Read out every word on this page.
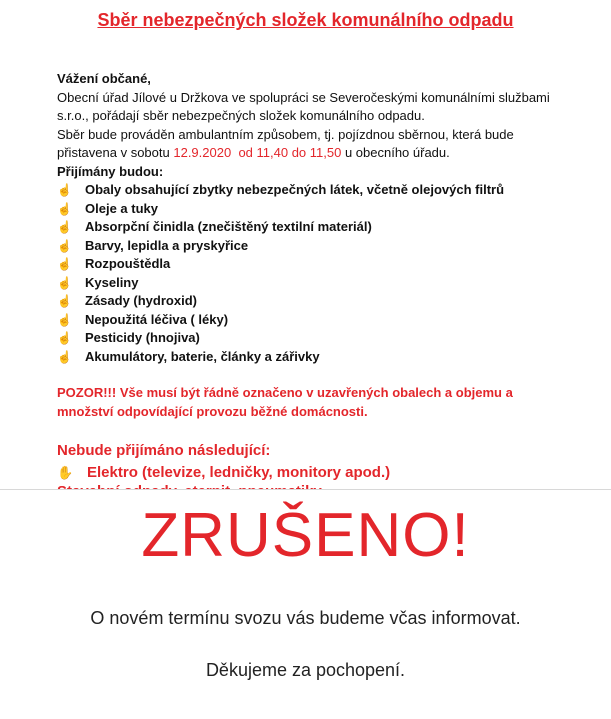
Sběr nebezpečných složek komunálního odpadu
Vážení občané,
Obecní úřad Jílové u Držkova ve spolupráci se Severočeskými komunálními službami s.r.o., pořádají sběr nebezpečných složek komunálního odpadu.
Sběr bude prováděn ambulantním způsobem, tj. pojízdnou sběrnou, která bude přistavena v sobotu 12.9.2020 od 11,40 do 11,50 u obecního úřadu.
Přijímány budou:
☝	Obaly obsahující zbytky nebezpečných látek, včetně olejových filtrů
☝	Oleje a tuky
☝	Absorpční činidla (znečištěný textilní materiál)
☝	Barvy, lepidla a pryskyřice
☝	Rozpouštědla
☝	Kyseliny
☝	Zásady (hydroxid)
☝	Nepoužitá léčiva ( léky)
☝	Pesticidy (hnojiva)
☝	Akumulátory, baterie, články a zářivky
POZOR!!! Vše musí být řádně označeno v uzavřených obalech a objemu a množství odpovídající provozu běžné domácnosti.
Nebude přijímáno následující:
✋ Elektro (televize, ledničky, monitory apod.)
ZRUŠENO!
O novém termínu svozu vás budeme včas informovat.
Děkujeme za pochopení.
